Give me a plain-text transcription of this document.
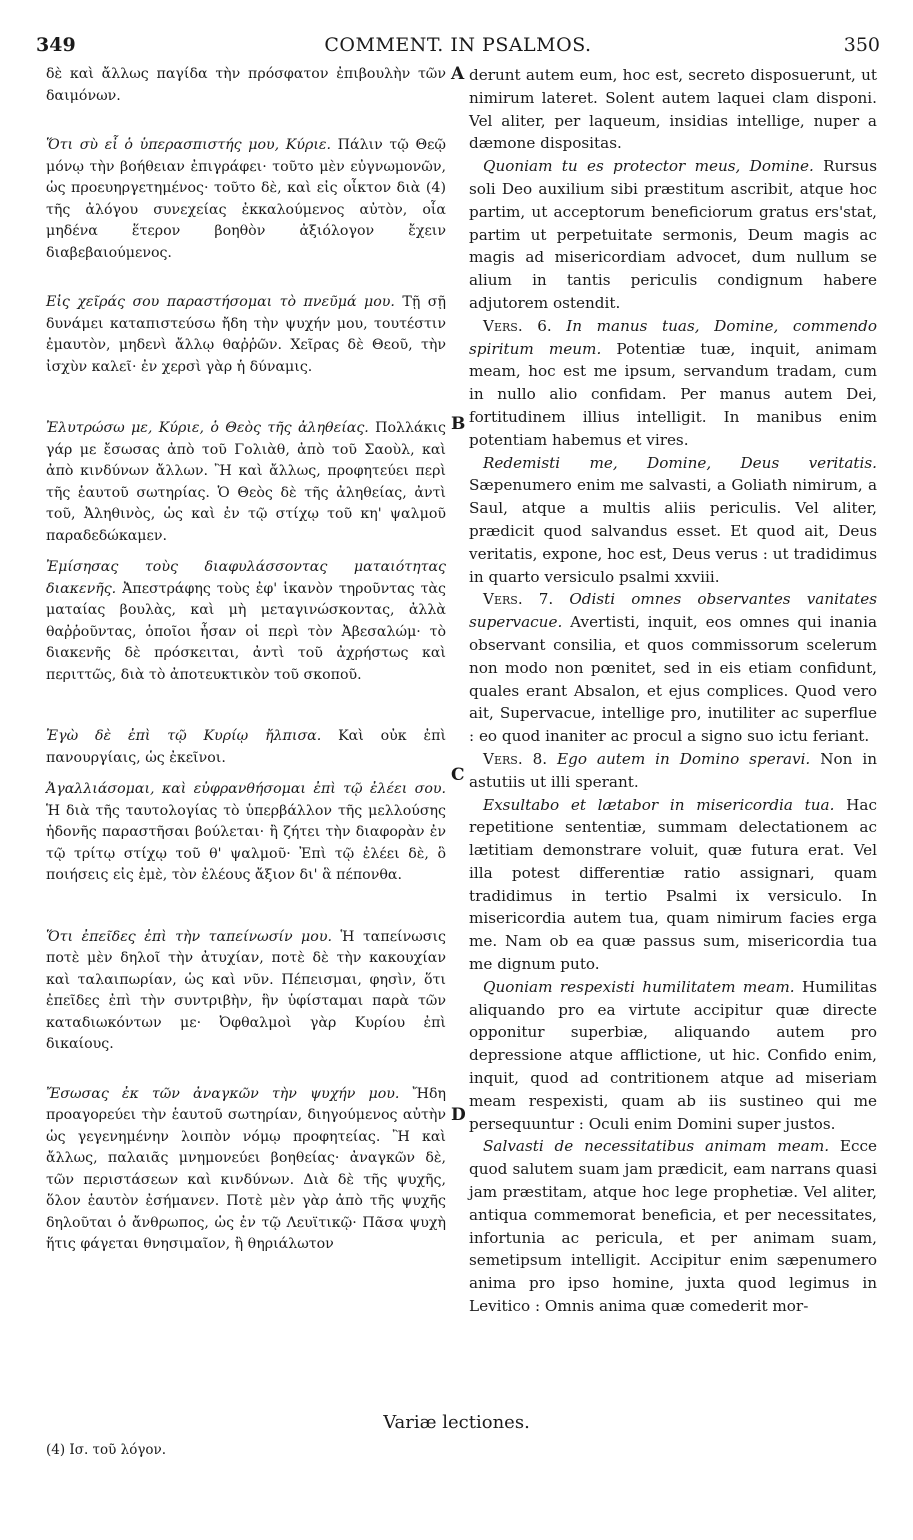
349	COMMENT. IN PSALMOS.	350
A
B
C
D

δὲ καὶ ἄλλως παγίδα τὴν πρόσφατον ἐπιβουλὴν τῶν δαιμόνων.

Ὅτι σὺ εἶ ὁ ὑπερασπιστής μου, Κύριε. Πάλιν τῷ Θεῷ μόνῳ τὴν βοήθειαν ἐπιγράφει· τοῦτο μὲν εὐγνωμονῶν, ὡς προευηργετημένος· τοῦτο δὲ, καὶ εἰς οἶκτον διὰ (4) τῆς ἀλόγου συνεχείας ἐκκαλούμενος αὐτὸν, οἷα μηδένα ἕτερον βοηθὸν ἀξιόλογον ἔχειν διαβεβαιούμενος.

Εἰς χεῖράς σου παραστήσομαι τὸ πνεῦμά μου. Τῇ σῇ δυνάμει καταπιστεύσω ἤδη τὴν ψυχήν μου, τουτέστιν ἐμαυτὸν, μηδενὶ ἄλλῳ θαῤῥῶν. Χεῖρας δὲ Θεοῦ, τὴν ἰσχὺν καλεῖ· ἐν χερσὶ γὰρ ἡ δύναμις.

Ἐλυτρώσω με, Κύριε, ὁ Θεὸς τῆς ἀληθείας. Πολλάκις γάρ με ἔσωσας ἀπὸ τοῦ Γολιὰθ, ἀπὸ τοῦ Σαοὺλ, καὶ ἀπὸ κινδύνων ἄλλων. Ἢ καὶ ἄλλως, προφητεύει περὶ τῆς ἑαυτοῦ σωτηρίας. Ὁ Θεὸς δὲ τῆς ἀληθείας, ἀντὶ τοῦ, Ἀληθινὸς, ὡς καὶ ἐν τῷ στίχῳ τοῦ κη' ψαλμοῦ παραδεδώκαμεν.

Ἐμίσησας τοὺς διαφυλάσσοντας ματαιότητας διακενῆς. Ἀπεστράφης τοὺς ἐφ' ἱκανὸν τηροῦντας τὰς ματαίας βουλὰς, καὶ μὴ μεταγινώσκοντας, ἀλλὰ θαῤῥοῦντας, ὁποῖοι ἦσαν οἱ περὶ τὸν Ἀβεσαλώμ· τὸ διακενῆς δὲ πρόσκειται, ἀντὶ τοῦ ἀχρήστως καὶ περιττῶς, διὰ τὸ ἀποτευκτικὸν τοῦ σκοποῦ.

Ἐγὼ δὲ ἐπὶ τῷ Κυρίῳ ἤλπισα. Καὶ οὐκ ἐπὶ πανουργίαις, ὡς ἐκεῖνοι.

Ἀγαλλιάσομαι, καὶ εὐφρανθήσομαι ἐπὶ τῷ ἐλέει σου. Ἡ διὰ τῆς ταυτολογίας τὸ ὑπερβάλλον τῆς μελλούσης ἡδονῆς παραστῆσαι βούλεται· ἢ ζήτει τὴν διαφορὰν ἐν τῷ τρίτῳ στίχῳ τοῦ θ' ψαλμοῦ· Ἐπὶ τῷ ἐλέει δὲ, ὃ ποιήσεις εἰς ἐμὲ, τὸν ἐλέους ἄξιον δι' ἃ πέπονθα.

Ὅτι ἐπεῖδες ἐπὶ τὴν ταπείνωσίν μου. Ἡ ταπείνωσις ποτὲ μὲν δηλοῖ τὴν ἀτυχίαν, ποτὲ δὲ τὴν κακουχίαν καὶ ταλαιπωρίαν, ὡς καὶ νῦν. Πέπεισμαι, φησὶν, ὅτι ἐπεῖδες ἐπὶ τὴν συντριβὴν, ἣν ὑφίσταμαι παρὰ τῶν καταδιωκόντων με· Ὀφθαλμοὶ γὰρ Κυρίου ἐπὶ δικαίους.

Ἔσωσας ἐκ τῶν ἀναγκῶν τὴν ψυχήν μου. Ἤδη προαγορεύει τὴν ἑαυτοῦ σωτηρίαν, διηγούμενος αὐτὴν ὡς γεγενημένην λοιπὸν νόμῳ προφητείας. Ἢ καὶ ἄλλως, παλαιᾶς μνημονεύει βοηθείας· ἀναγκῶν δὲ, τῶν περιστάσεων καὶ κινδύνων. Διὰ δὲ τῆς ψυχῆς, ὅλον ἑαυτὸν ἐσήμανεν. Ποτὲ μὲν γὰρ ἀπὸ τῆς ψυχῆς δηλοῦται ὁ ἄνθρωπος, ὡς ἐν τῷ Λευϊτικῷ· Πᾶσα ψυχὴ ἥτις φάγεται θνησιμαῖον, ἢ θηριάλωτον

derunt autem eum, hoc est, secreto disposuerunt, ut nimirum lateret. Solent autem laquei clam disponi. Vel aliter, per laqueum, insidias intellige, nuper a dæmone dispositas.

Quoniam tu es protector meus, Domine. Rursus soli Deo auxilium sibi præstitum ascribit, atque hoc partim, ut acceptorum beneficiorum gratus ers'stat, partim ut perpetuitate sermonis, Deum magis ac magis ad misericordiam advocet, dum nullum se alium in tantis periculis condignum habere adjutorem ostendit.

Vers. 6. In manus tuas, Domine, commendo spiritum meum. Potentiæ tuæ, inquit, animam meam, hoc est me ipsum, servandum tradam, cum in nullo alio confidam. Per manus autem Dei, fortitudinem illius intelligit. In manibus enim potentiam habemus et vires.

Redemisti me, Domine, Deus veritatis. Sæpenumero enim me salvasti, a Goliath nimirum, a Saul, atque a multis aliis periculis. Vel aliter, prædicit quod salvandus esset. Et quod ait, Deus veritatis, expone, hoc est, Deus verus : ut tradidimus in quarto versiculo psalmi xxviii.

Vers. 7. Odisti omnes observantes vanitates supervacue. Avertisti, inquit, eos omnes qui inania observant consilia, et quos commissorum scelerum non modo non pœnitet, sed in eis etiam confidunt, quales erant Absalon, et ejus complices. Quod vero ait, Supervacue, intellige pro, inutiliter ac superflue : eo quod inaniter ac procul a signo suo ictu feriant.

Vers. 8. Ego autem in Domino speravi. Non in astutiis ut illi sperant.

Exsultabo et lætabor in misericordia tua. Hac repetitione sententiæ, summam delectationem ac lætitiam demonstrare voluit, quæ futura erat. Vel illa potest differentiæ ratio assignari, quam tradidimus in tertio Psalmi ix versiculo. In misericordia autem tua, quam nimirum facies erga me. Nam ob ea quæ passus sum, misericordia tua me dignum puto.

Quoniam respexisti humilitatem meam. Humilitas aliquando pro ea virtute accipitur quæ directe opponitur superbiæ, aliquando autem pro depressione atque afflictione, ut hic. Confido enim, inquit, quod ad contritionem atque ad miseriam meam respexisti, quam ab iis sustineo qui me persequuntur : Oculi enim Domini super justos.

Salvasti de necessitatibus animam meam. Ecce quod salutem suam jam prædicit, eam narrans quasi jam præstitam, atque hoc lege prophetiæ. Vel aliter, antiqua commemorat beneficia, et per necessitates, infortunia ac pericula, et per animam suam, semetipsum intelligit. Accipitur enim sæpenumero anima pro ipso homine, juxta quod legimus in Levitico : Omnis anima quæ comederit mor-

Variæ lectiones.
(4) Ισ. τοῦ λόγον.
